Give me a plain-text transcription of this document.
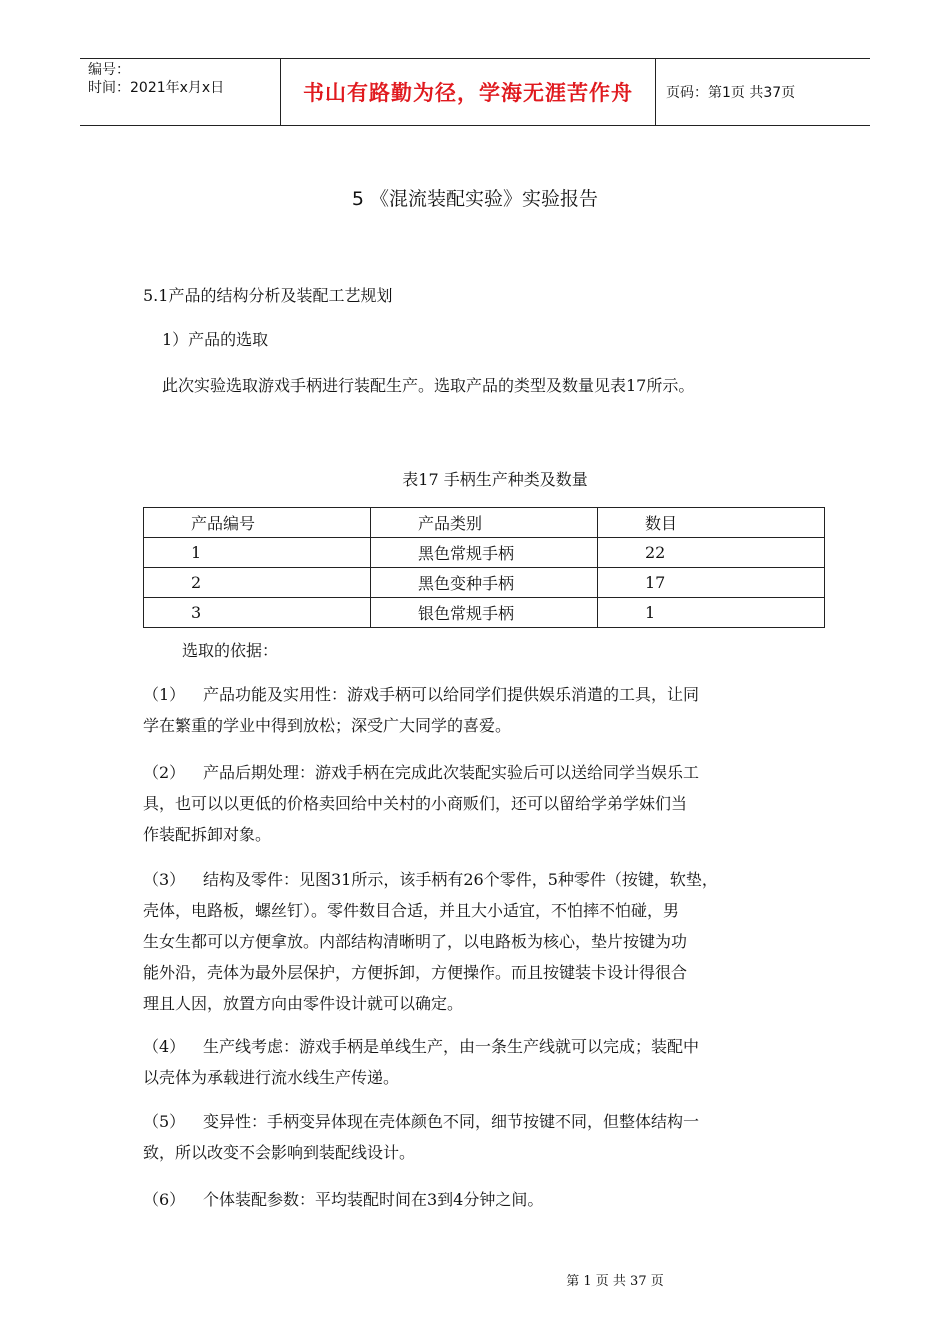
编号：
时间：2021年x月x日	书山有路勤为径，学海无涯苦作舟	页码：第1页 共37页
5 《混流装配实验》实验报告
5.1产品的结构分析及装配工艺规划
1）产品的选取
此次实验选取游戏手柄进行装配生产。选取产品的类型及数量见表17所示。
表17 手柄生产种类及数量
产品编号	产品类别	数目
1	黑色常规手柄	22
2	黑色变种手柄	17
3	银色常规手柄	1
选取的依据：
（1） 产品功能及实用性：游戏手柄可以给同学们提供娱乐消遣的工具，让同
学在繁重的学业中得到放松；深受广大同学的喜爱。
（2） 产品后期处理：游戏手柄在完成此次装配实验后可以送给同学当娱乐工
具，也可以以更低的价格卖回给中关村的小商贩们，还可以留给学弟学妹们当
作装配拆卸对象。
（3） 结构及零件：见图31所示，该手柄有26个零件，5种零件（按键，软垫，
壳体，电路板，螺丝钉）。零件数目合适，并且大小适宜，不怕摔不怕碰，男
生女生都可以方便拿放。内部结构清晰明了，以电路板为核心，垫片按键为功
能外沿，壳体为最外层保护，方便拆卸，方便操作。而且按键装卡设计得很合
理且人因，放置方向由零件设计就可以确定。
（4） 生产线考虑：游戏手柄是单线生产，由一条生产线就可以完成；装配中
以壳体为承载进行流水线生产传递。
（5） 变异性：手柄变异体现在壳体颜色不同，细节按键不同，但整体结构一
致，所以改变不会影响到装配线设计。
（6） 个体装配参数：平均装配时间在3到4分钟之间。
第 1 页 共 37 页
